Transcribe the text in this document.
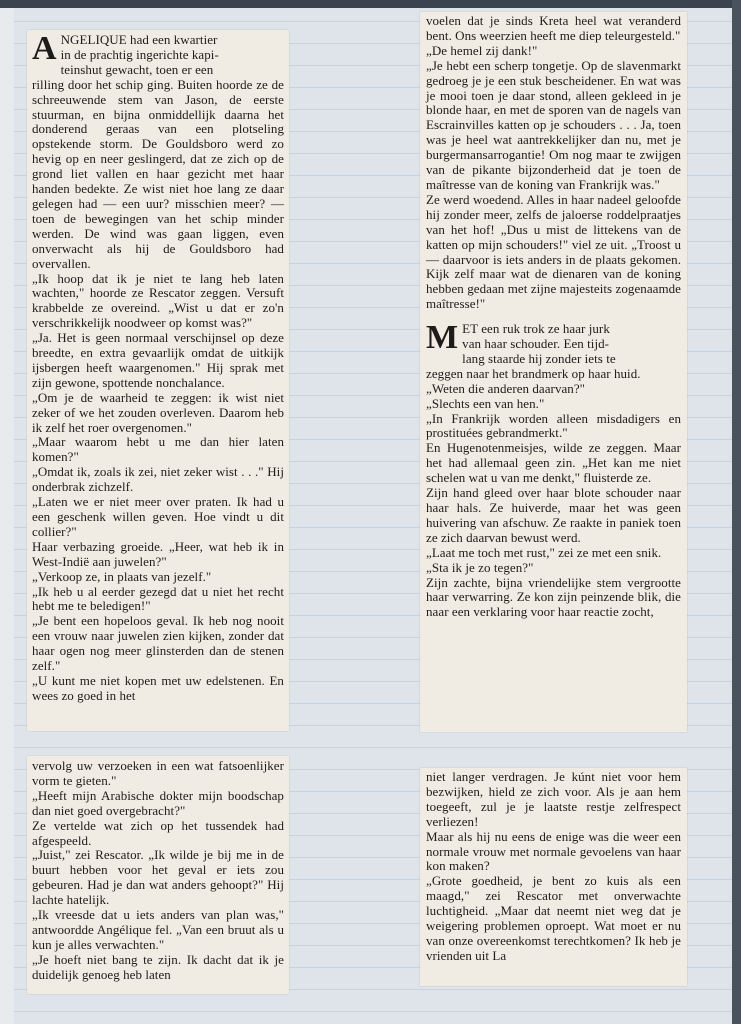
ANGELIQUE had een kwartier
in de prachtig ingerichte kapi-
teinshut gewacht, toen er een
rilling door het schip ging. Buiten hoorde ze de schreeuwende stem van Jason, de eerste stuurman, en bijna onmiddellijk daarna het donderend geraas van een plotseling opstekende storm. De Gouldsboro werd zo hevig op en neer geslingerd, dat ze zich op de grond liet vallen en haar gezicht met haar handen bedekte. Ze wist niet hoe lang ze daar gelegen had — een uur? misschien meer? — toen de bewegingen van het schip minder werden. De wind was gaan liggen, even onverwacht als hij de Gouldsboro had overvallen.
„Ik hoop dat ik je niet te lang heb laten wachten," hoorde ze Rescator zeggen. Versuft krabbelde ze overeind. „Wist u dat er zo'n verschrikkelijk noodweer op komst was?"
„Ja. Het is geen normaal verschijnsel op deze breedte, en extra gevaarlijk omdat de uitkijk ijsbergen heeft waargenomen." Hij sprak met zijn gewone, spottende nonchalance.
„Om je de waarheid te zeggen: ik wist niet zeker of we het zouden overleven. Daarom heb ik zelf het roer overgenomen."
„Maar waarom hebt u me dan hier laten komen?"
„Omdat ik, zoals ik zei, niet zeker wist . . ." Hij onderbrak zichzelf.
„Laten we er niet meer over praten. Ik had u een geschenk willen geven. Hoe vindt u dit collier?"
Haar verbazing groeide. „Heer, wat heb ik in West-Indië aan juwelen?"
„Verkoop ze, in plaats van jezelf."
„Ik heb u al eerder gezegd dat u niet het recht hebt me te beledigen!"
„Je bent een hopeloos geval. Ik heb nog nooit een vrouw naar juwelen zien kijken, zonder dat haar ogen nog meer glinsterden dan de stenen zelf."
„U kunt me niet kopen met uw edelstenen. En wees zo goed in het

voelen dat je sinds Kreta heel wat veranderd bent. Ons weerzien heeft me diep teleurgesteld."
„De hemel zij dank!"
„Je hebt een scherp tongetje. Op de slavenmarkt gedroeg je je een stuk bescheidener. En wat was je mooi toen je daar stond, alleen gekleed in je blonde haar, en met de sporen van de nagels van Escrainvilles katten op je schouders . . . Ja, toen was je heel wat aantrekkelijker dan nu, met je burgermansarrogantie! Om nog maar te zwijgen van de pikante bijzonderheid dat je toen de maîtresse van de koning van Frankrijk was."
Ze werd woedend. Alles in haar nadeel geloofde hij zonder meer, zelfs de jaloerse roddelpraatjes van het hof! „Dus u mist de littekens van de katten op mijn schouders!" viel ze uit. „Troost u — daarvoor is iets anders in de plaats gekomen. Kijk zelf maar wat de dienaren van de koning hebben gedaan met zijne majesteits zogenaamde maîtresse!"

MET een ruk trok ze haar jurk
van haar schouder. Een tijd-
lang staarde hij zonder iets te
zeggen naar het brandmerk op haar huid.
„Weten die anderen daarvan?"
„Slechts een van hen."
„In Frankrijk worden alleen misdadigers en prostituées gebrandmerkt."
En Hugenotenmeisjes, wilde ze zeggen. Maar het had allemaal geen zin. „Het kan me niet schelen wat u van me denkt," fluisterde ze.
Zijn hand gleed over haar blote schouder naar haar hals. Ze huiverde, maar het was geen huivering van afschuw. Ze raakte in paniek toen ze zich daarvan bewust werd.
„Laat me toch met rust," zei ze met een snik.
„Sta ik je zo tegen?"
Zijn zachte, bijna vriendelijke stem vergrootte haar verwarring. Ze kon zijn peinzende blik, die naar een verklaring voor haar reactie zocht,

vervolg uw verzoeken in een wat fatsoenlijker vorm te gieten."
„Heeft mijn Arabische dokter mijn boodschap dan niet goed overgebracht?"
Ze vertelde wat zich op het tussendek had afgespeeld.
„Juist," zei Rescator. „Ik wilde je bij me in de buurt hebben voor het geval er iets zou gebeuren. Had je dan wat anders gehoopt?" Hij lachte hatelijk.
„Ik vreesde dat u iets anders van plan was," antwoordde Angélique fel. „Van een bruut als u kun je alles verwachten."
„Je hoeft niet bang te zijn. Ik dacht dat ik je duidelijk genoeg heb laten

niet langer verdragen. Je kúnt niet voor hem bezwijken, hield ze zich voor. Als je aan hem toegeeft, zul je je laatste restje zelfrespect verliezen!
Maar als hij nu eens de enige was die weer een normale vrouw met normale gevoelens van haar kon maken?
„Grote goedheid, je bent zo kuis als een maagd," zei Rescator met onverwachte luchtigheid. „Maar dat neemt niet weg dat je weigering problemen oproept. Wat moet er nu van onze overeenkomst terechtkomen? Ik heb je vrienden uit La
